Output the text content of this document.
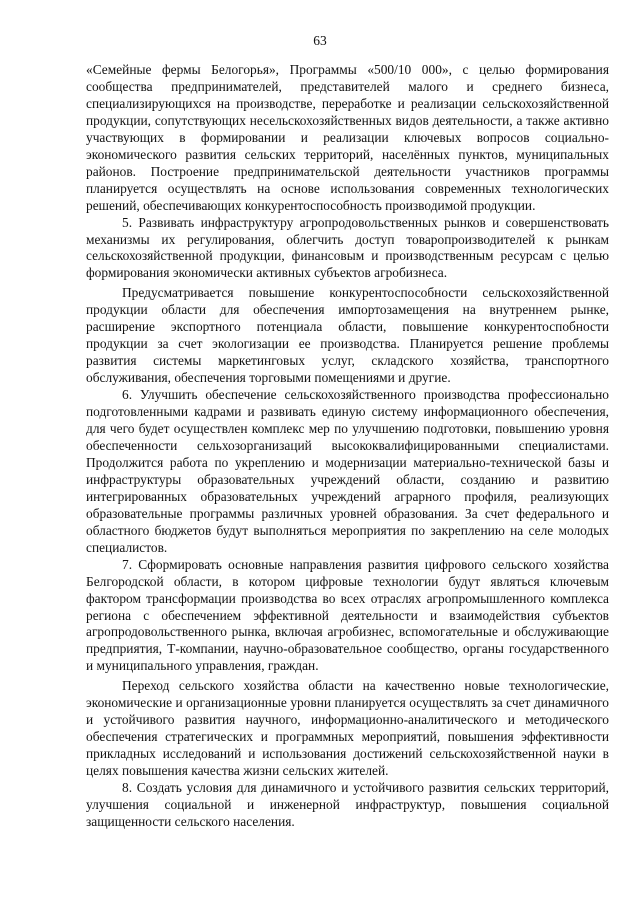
63

«Семейные фермы Белогорья», Программы «500/10 000», с целью формирования сообщества предпринимателей, представителей малого и среднего бизнеса, специализирующихся на производстве, переработке и реализации сельскохозяйственной продукции, сопутствующих несельскохозяйственных видов деятельности, а также активно участвующих в формировании и реализации ключевых вопросов социально-экономического развития сельских территорий, населённых пунктов, муниципальных районов. Построение предпринимательской деятельности участников программы планируется осуществлять на основе использования современных технологических решений, обеспечивающих конкурентоспособность производимой продукции.

5. Развивать инфраструктуру агропродовольственных рынков и совершенствовать механизмы их регулирования, облегчить доступ товаропроизводителей к рынкам сельскохозяйственной продукции, финансовым и производственным ресурсам с целью формирования экономически активных субъектов агробизнеса.

Предусматривается повышение конкурентоспособности сельскохозяйственной продукции области для обеспечения импортозамещения на внутреннем рынке, расширение экспортного потенциала области, повышение конкурентоспобности продукции за счет экологизации ее производства. Планируется решение проблемы развития системы маркетинговых услуг, складского хозяйства, транспортного обслуживания, обеспечения торговыми помещениями и другие.

6. Улучшить обеспечение сельскохозяйственного производства профессионально подготовленными кадрами и развивать единую систему информационного обеспечения, для чего будет осуществлен комплекс мер по улучшению подготовки, повышению уровня обеспеченности сельхозорганизаций высококвалифицированными специалистами. Продолжится работа по укреплению и модернизации материально-технической базы и инфраструктуры образовательных учреждений области, созданию и развитию интегрированных образовательных учреждений аграрного профиля, реализующих образовательные программы различных уровней образования. За счет федерального и областного бюджетов будут выполняться мероприятия по закреплению на селе молодых специалистов.

7. Сформировать основные направления развития цифрового сельского хозяйства Белгородской области, в котором цифровые технологии будут являться ключевым фактором трансформации производства во всех отраслях агропромышленного комплекса региона с обеспечением эффективной деятельности и взаимодействия субъектов агропродовольственного рынка, включая агробизнес, вспомогательные и обслуживающие предприятия, Т-компании, научно-образовательное сообщество, органы государственного и муниципального управления, граждан.

Переход сельского хозяйства области на качественно новые технологические, экономические и организационные уровни планируется осуществлять за счет динамичного и устойчивого развития научного, информационно-аналитического и методического обеспечения стратегических и программных мероприятий, повышения эффективности прикладных исследований и использования достижений сельскохозяйственной науки в целях повышения качества жизни сельских жителей.

8. Создать условия для динамичного и устойчивого развития сельских территорий, улучшения социальной и инженерной инфраструктур, повышения социальной защищенности сельского населения.
